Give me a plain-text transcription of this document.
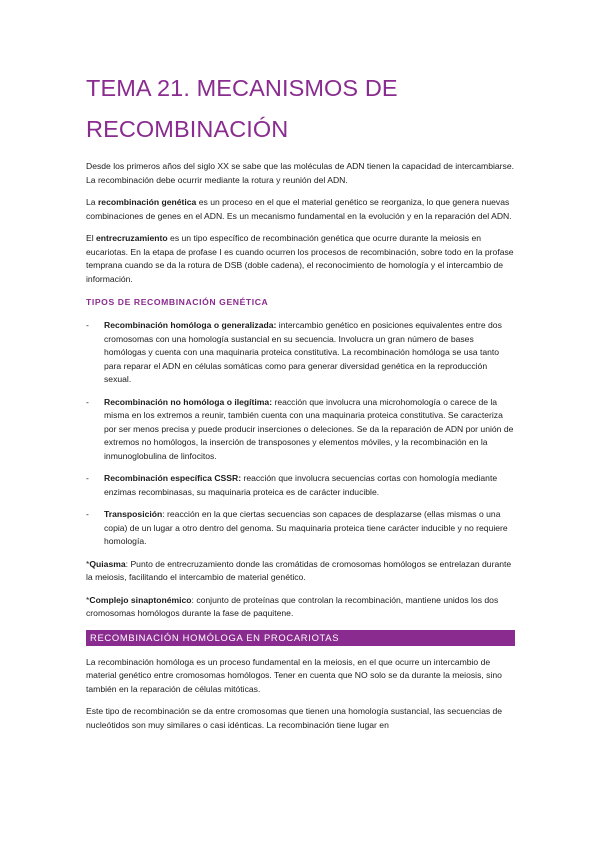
TEMA 21. MECANISMOS DE
RECOMBINACIÓN

Desde los primeros años del siglo XX se sabe que las moléculas de ADN tienen la capacidad de intercambiarse. La recombinación debe ocurrir mediante la rotura y reunión del ADN.

La recombinación genética es un proceso en el que el material genético se reorganiza, lo que genera nuevas combinaciones de genes en el ADN. Es un mecanismo fundamental en la evolución y en la reparación del ADN.

El entrecruzamiento es un tipo específico de recombinación genética que ocurre durante la meiosis en eucariotas. En la etapa de profase I es cuando ocurren los procesos de recombinación, sobre todo en la profase temprana cuando se da la rotura de DSB (doble cadena), el reconocimiento de homología y el intercambio de información.

TIPOS DE RECOMBINACIÓN GENÉTICA
- Recombinación homóloga o generalizada: intercambio genético en posiciones equivalentes entre dos cromosomas con una homología sustancial en su secuencia. Involucra un gran número de bases homólogas y cuenta con una maquinaria proteica constitutiva. La recombinación homóloga se usa tanto para reparar el ADN en células somáticas como para generar diversidad genética en la reproducción sexual.
- Recombinación no homóloga o ilegítima: reacción que involucra una microhomología o carece de la misma en los extremos a reunir, también cuenta con una maquinaria proteica constitutiva. Se caracteriza por ser menos precisa y puede producir inserciones o deleciones. Se da la reparación de ADN por unión de extremos no homólogos, la inserción de transposones y elementos móviles, y la recombinación en la inmunoglobulina de linfocitos.
- Recombinación específica CSSR: reacción que involucra secuencias cortas con homología mediante enzimas recombinasas, su maquinaria proteica es de carácter inducible.
- Transposición: reacción en la que ciertas secuencias son capaces de desplazarse (ellas mismas o una copia) de un lugar a otro dentro del genoma. Su maquinaria proteica tiene carácter inducible y no requiere homología.

*Quiasma: Punto de entrecruzamiento donde las cromátidas de cromosomas homólogos se entrelazan durante la meiosis, facilitando el intercambio de material genético.

*Complejo sinaptonémico: conjunto de proteínas que controlan la recombinación, mantiene unidos los dos cromosomas homólogos durante la fase de paquitene.

RECOMBINACIÓN HOMÓLOGA EN PROCARIOTAS

La recombinación homóloga es un proceso fundamental en la meiosis, en el que ocurre un intercambio de material genético entre cromosomas homólogos. Tener en cuenta que NO solo se da durante la meiosis, sino también en la reparación de células mitóticas.

Este tipo de recombinación se da entre cromosomas que tienen una homología sustancial, las secuencias de nucleótidos son muy similares o casi idénticas. La recombinación tiene lugar en
